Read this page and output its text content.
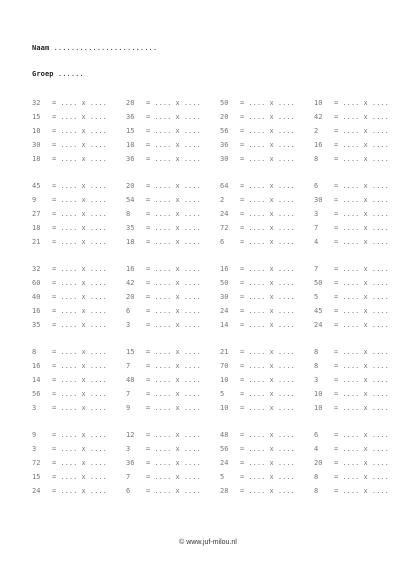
Naam ........................
Groep ......
32	= .... x ....	28	= .... x ....	50	= .... x ....	10	= .... x ....
15	= .... x ....	36	= .... x ....	20	= .... x ....	42	= .... x ....
18	= .... x ....	15	= .... x ....	56	= .... x ....	2	= .... x ....
30	= .... x ....	18	= .... x ....	36	= .... x ....	16	= .... x ....
18	= .... x ....	36	= .... x ....	30	= .... x ....	8	= .... x ....
45	= .... x ....	20	= .... x ....	64	= .... x ....	6	= .... x ....
9	= .... x ....	54	= .... x ....	2	= .... x ....	30	= .... x ....
27	= .... x ....	8	= .... x ....	24	= .... x ....	3	= .... x ....
18	= .... x ....	35	= .... x ....	72	= .... x ....	7	= .... x ....
21	= .... x ....	18	= .... x ....	6	= .... x ....	4	= .... x ....
32	= .... x ....	16	= .... x ....	16	= .... x ....	7	= .... x ....
60	= .... x ....	42	= .... x ....	50	= .... x ....	50	= .... x ....
40	= .... x ....	20	= .... x ....	30	= .... x ....	5	= .... x ....
16	= .... x ....	6	= .... x ....	24	= .... x ....	45	= .... x ....
35	= .... x ....	3	= .... x ....	14	= .... x ....	24	= .... x ....
8	= .... x ....	15	= .... x ....	21	= .... x ....	8	= .... x ....
16	= .... x ....	7	= .... x ....	70	= .... x ....	8	= .... x ....
14	= .... x ....	48	= .... x ....	10	= .... x ....	3	= .... x ....
56	= .... x ....	7	= .... x ....	5	= .... x ....	10	= .... x ....
3	= .... x ....	9	= .... x ....	10	= .... x ....	10	= .... x ....
9	= .... x ....	12	= .... x ....	48	= .... x ....	6	= .... x ....
3	= .... x ....	3	= .... x ....	56	= .... x ....	4	= .... x ....
72	= .... x ....	36	= .... x ....	24	= .... x ....	20	= .... x ....
15	= .... x ....	7	= .... x ....	5	= .... x ....	8	= .... x ....
24	= .... x ....	6	= .... x ....	28	= .... x ....	8	= .... x ....
© www.juf-milou.nl
